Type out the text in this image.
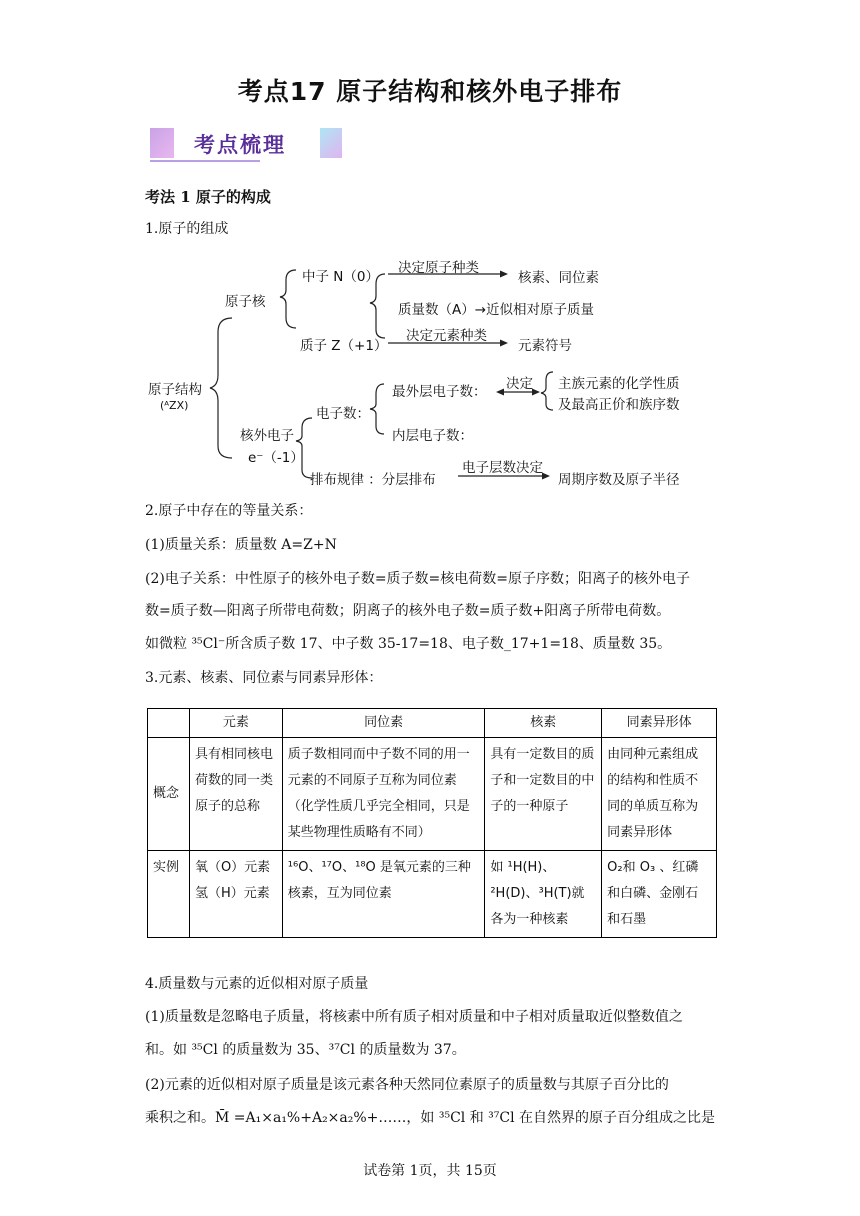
考点17 原子结构和核外电子排布
考点梳理
考法 1 原子的构成
1.原子的组成
原子结构
(ᴬZX)
原子核
中子 N（0）
决定原子种类
核素、同位素
质量数（A）→近似相对原子质量
质子 Z（+1）
决定元素种类
元素符号
核外电子
e⁻（-1）
电子数：
最外层电子数： 决定 主族元素的化学性质
及最高正价和族序数
内层电子数：
排布规律 ：分层排布
电子层数决定
周期序数及原子半径
2.原子中存在的等量关系：
(1)质量关系：质量数 A=Z+N
(2)电子关系：中性原子的核外电子数=质子数=核电荷数=原子序数；阳离子的核外电子
数=质子数—阳离子所带电荷数；阴离子的核外电子数=质子数+阳离子所带电荷数。
如微粒 ³⁵Cl⁻所含质子数 17、中子数 35-17=18、电子数_17+1=18、质量数 35。
3.元素、核素、同位素与同素异形体：
	元素	同位素	核素	同素异形体
概念	具有相同核电荷数的同一类原子的总称	质子数相同而中子数不同的用一元素的不同原子互称为同位素（化学性质几乎完全相同，只是某些物理性质略有不同）	具有一定数目的质子和一定数目的中子的一种原子	由同种元素组成的结构和性质不同的单质互称为同素异形体
实例	氧（O）元素 氢（H）元素	¹⁶O、¹⁷O、¹⁸O 是氧元素的三种核素，互为同位素	如 ¹H(H)、²H(D)、³H(T)就各为一种核素	O₂和 O₃ 、红磷和白磷、金刚石和石墨
4.质量数与元素的近似相对原子质量
(1)质量数是忽略电子质量，将核素中所有质子相对质量和中子相对质量取近似整数值之
和。如 ³⁵Cl 的质量数为 35、³⁷Cl 的质量数为 37。
(2)元素的近似相对原子质量是该元素各种天然同位素原子的质量数与其原子百分比的
乘积之和。M̄ =A₁×a₁%+A₂×a₂%+……，如 ³⁵Cl 和 ³⁷Cl 在自然界的原子百分组成之比是
试卷第 1页，共 15页
